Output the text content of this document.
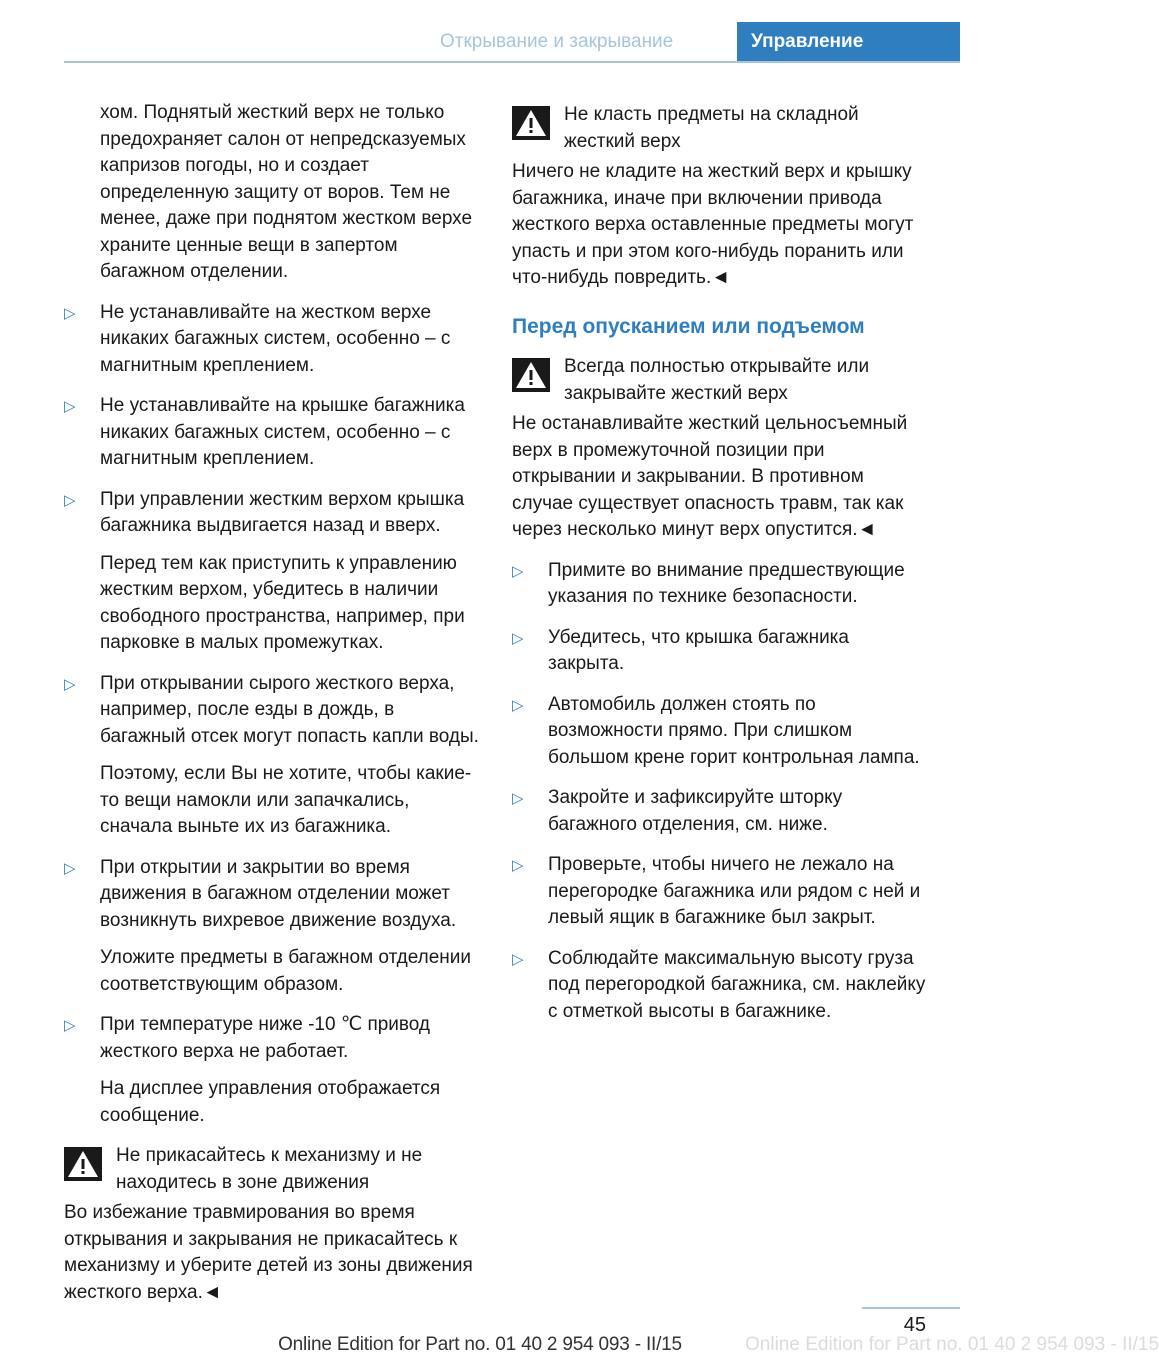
Открывание и закрывание	Управление

хом. Поднятый жесткий верх не только предохраняет салон от непредсказуемых капризов погоды, но и создает определенную защиту от воров. Тем не менее, даже при поднятом жестком верхе храните ценные вещи в запертом багажном отделении.

▷ Не устанавливайте на жестком верхе никаких багажных систем, особенно – с магнитным креплением.

▷ Не устанавливайте на крышке багажника никаких багажных систем, особенно – с магнитным креплением.

▷ При управлении жестким верхом крышка багажника выдвигается назад и вверх.

Перед тем как приступить к управлению жестким верхом, убедитесь в наличии свободного пространства, например, при парковке в малых промежутках.

▷ При открывании сырого жесткого верха, например, после езды в дождь, в багажный отсек могут попасть капли воды.

Поэтому, если Вы не хотите, чтобы какие-то вещи намокли или запачкались, сначала выньте их из багажника.

▷ При открытии и закрытии во время движения в багажном отделении может возникнуть вихревое движение воздуха.

Уложите предметы в багажном отделении соответствующим образом.

▷ При температуре ниже -10 ℃ привод жесткого верха не работает.

На дисплее управления отображается сообщение.

Не прикасайтесь к механизму и не находитесь в зоне движения

Во избежание травмирования во время открывания и закрывания не прикасайтесь к механизму и уберите детей из зоны движения жесткого верха.◄

Не класть предметы на складной жесткий верх

Ничего не кладите на жесткий верх и крышку багажника, иначе при включении привода жесткого верха оставленные предметы могут упасть и при этом кого-нибудь поранить или что-нибудь повредить.◄

Перед опусканием или подъемом

Всегда полностью открывайте или закрывайте жесткий верх

Не останавливайте жесткий цельносъемный верх в промежуточной позиции при открывании и закрывании. В противном случае существует опасность травм, так как через несколько минут верх опустится.◄

▷ Примите во внимание предшествующие указания по технике безопасности.

▷ Убедитесь, что крышка багажника закрыта.

▷ Автомобиль должен стоять по возможности прямо. При слишком большом крене горит контрольная лампа.

▷ Закройте и зафиксируйте шторку багажного отделения, см. ниже.

▷ Проверьте, чтобы ничего не лежало на перегородке багажника или рядом с ней и левый ящик в багажнике был закрыт.

▷ Соблюдайте максимальную высоту груза под перегородкой багажника, см. наклейку с отметкой высоты в багажнике.

45
Online Edition for Part no. 01 40 2 954 093 - II/15
Online Edition for Part no. 01 40 2 954 093 - II/15
